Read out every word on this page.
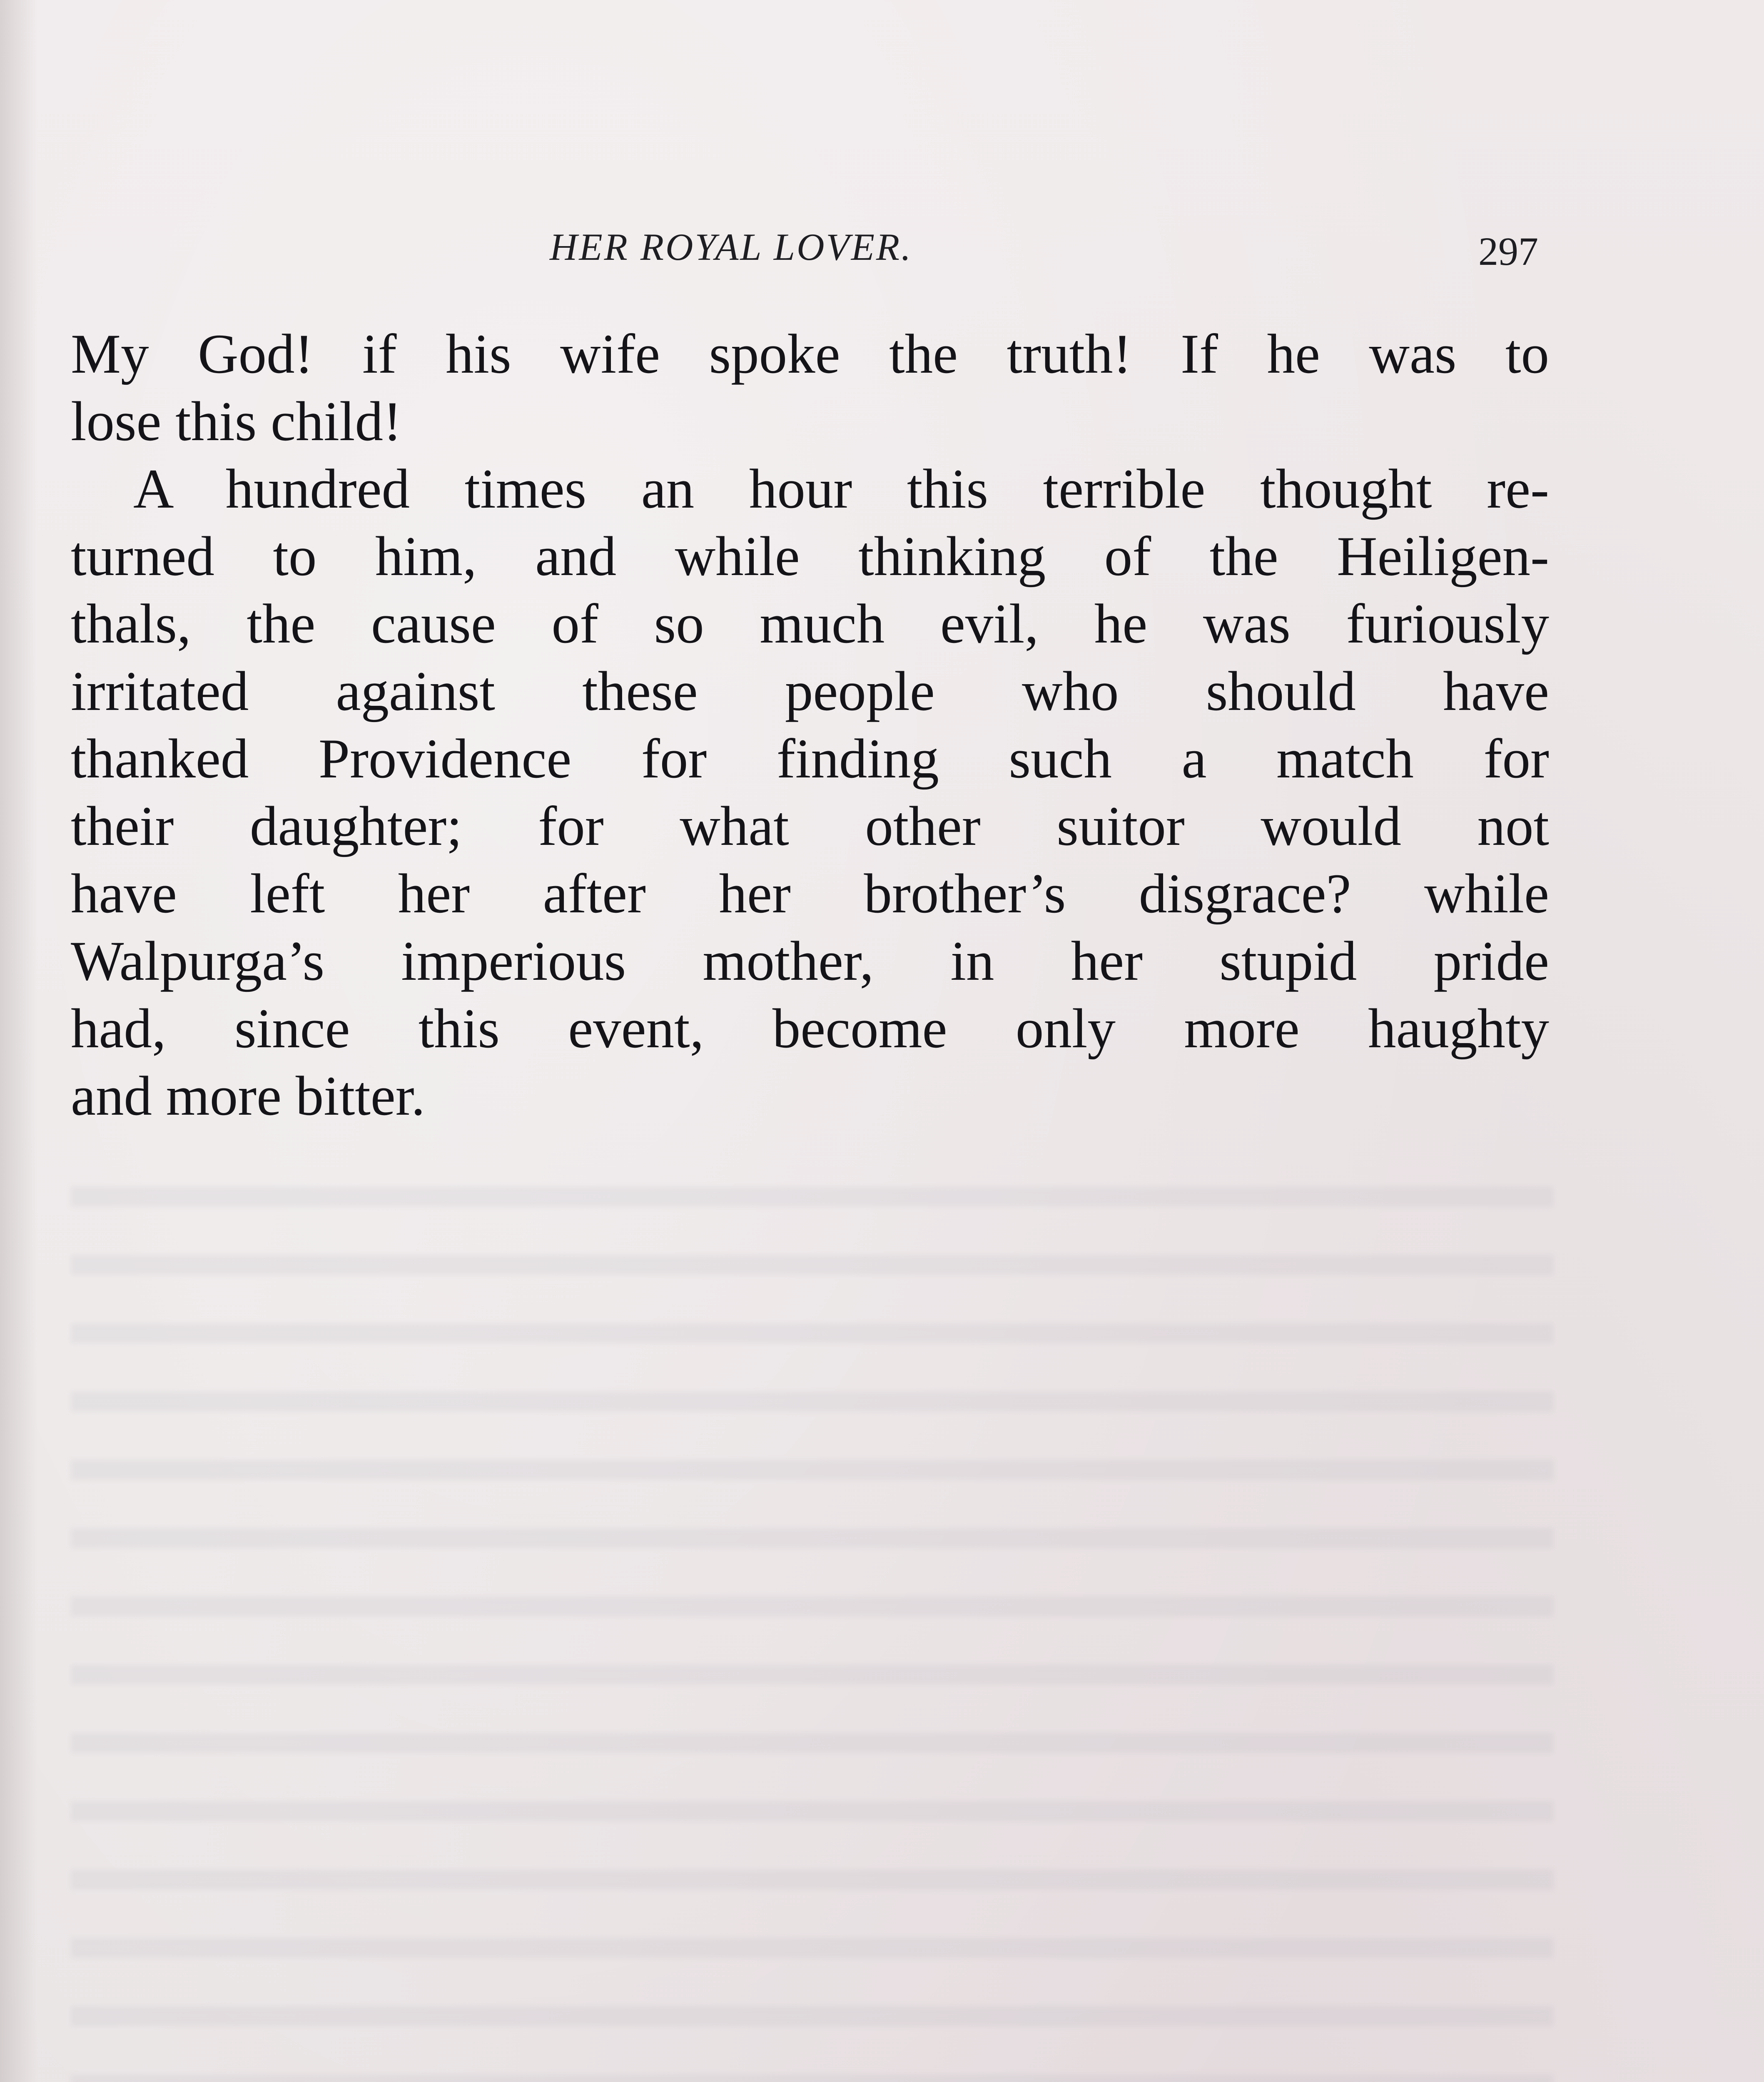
HER ROYAL LOVER.	297
My God! if his wife spoke the truth! If he was to
lose this child!
A hundred times an hour this terrible thought re-
turned to him, and while thinking of the Heiligen-
thals, the cause of so much evil, he was furiously
irritated against these people who should have
thanked Providence for finding such a match for
their daughter; for what other suitor would not
have left her after her brother’s disgrace? while
Walpurga’s imperious mother, in her stupid pride
had, since this event, become only more haughty
and more bitter.
